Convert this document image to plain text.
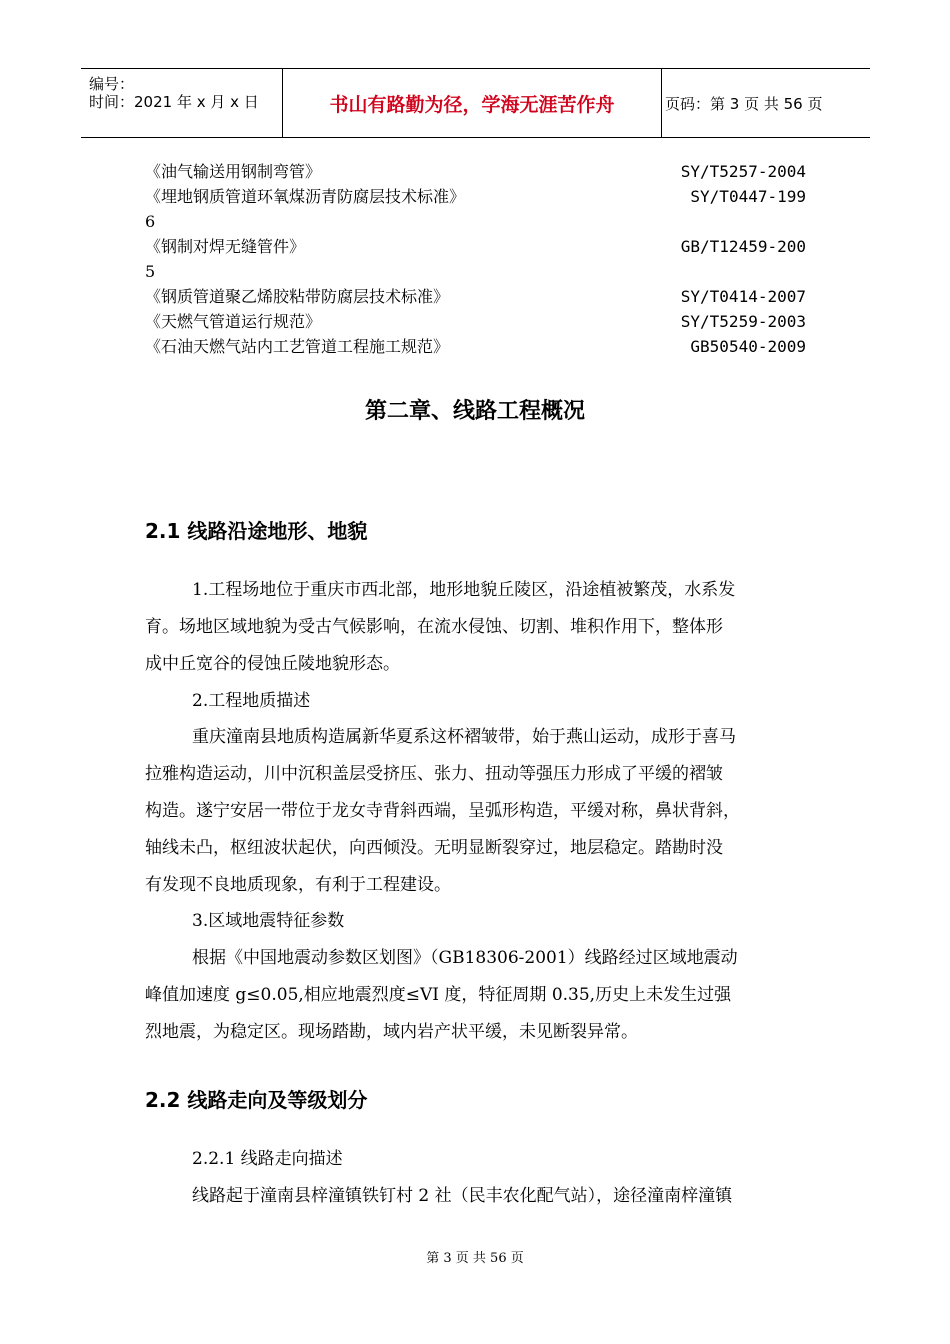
编号：
时间：2021 年 x 月 x 日	书山有路勤为径，学海无涯苦作舟	页码：第 3 页 共 56 页
《油气输送用钢制弯管》	SY/T5257-2004
《埋地钢质管道环氧煤沥青防腐层技术标准》	SY/T0447-199
6
《钢制对焊无缝管件》	GB/T12459-200
5
《钢质管道聚乙烯胶粘带防腐层技术标准》	SY/T0414-2007
《天燃气管道运行规范》	SY/T5259-2003
《石油天燃气站内工艺管道工程施工规范》	GB50540-2009
第二章、线路工程概况
2.1 线路沿途地形、地貌
1.工程场地位于重庆市西北部，地形地貌丘陵区，沿途植被繁茂，水系发
育。场地区域地貌为受古气候影响，在流水侵蚀、切割、堆积作用下，整体形
成中丘宽谷的侵蚀丘陵地貌形态。
2.工程地质描述
重庆潼南县地质构造属新华夏系这杯褶皱带，始于燕山运动，成形于喜马
拉雅构造运动，川中沉积盖层受挤压、张力、扭动等强压力形成了平缓的褶皱
构造。遂宁安居一带位于龙女寺背斜西端，呈弧形构造，平缓对称，鼻状背斜，
轴线未凸，枢纽波状起伏，向西倾没。无明显断裂穿过，地层稳定。踏勘时没
有发现不良地质现象，有利于工程建设。
3.区域地震特征参数
根据《中国地震动参数区划图》（GB18306-2001）线路经过区域地震动
峰值加速度 g≤0.05,相应地震烈度≤VI 度，特征周期 0.35,历史上未发生过强
烈地震，为稳定区。现场踏勘，域内岩产状平缓，未见断裂异常。
2.2 线路走向及等级划分
2.2.1 线路走向描述
线路起于潼南县梓潼镇铁钉村 2 社（民丰农化配气站），途径潼南梓潼镇
第 3 页 共 56 页
